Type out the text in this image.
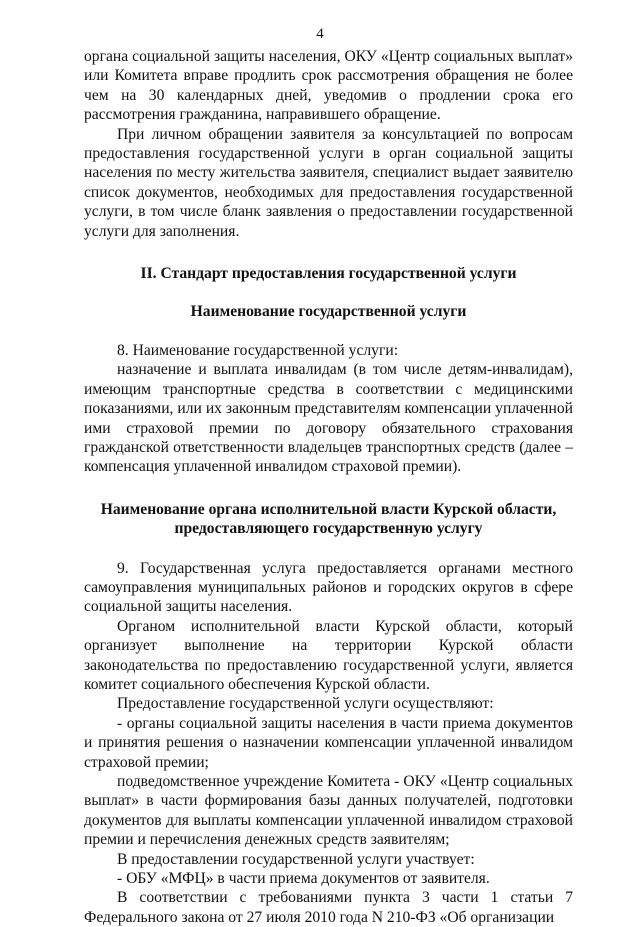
4

органа социальной защиты населения, ОКУ «Центр социальных выплат» или Комитета вправе продлить срок рассмотрения обращения не более чем на 30 календарных дней, уведомив о продлении срока его рассмотрения гражданина, направившего обращение.

При личном обращении заявителя за консультацией по вопросам предоставления государственной услуги в орган социальной защиты населения по месту жительства заявителя, специалист выдает заявителю список документов, необходимых для предоставления государственной услуги, в том числе бланк заявления о предоставлении государственной услуги для заполнения.

II. Стандарт предоставления государственной услуги

Наименование государственной услуги

8. Наименование государственной услуги:

назначение и выплата инвалидам (в том числе детям-инвалидам), имеющим транспортные средства в соответствии с медицинскими показаниями, или их законным представителям компенсации уплаченной ими страховой премии по договору обязательного страхования гражданской ответственности владельцев транспортных средств (далее – компенсация уплаченной инвалидом страховой премии).

Наименование органа исполнительной власти Курской области,
предоставляющего государственную услугу

9. Государственная услуга предоставляется органами местного самоуправления муниципальных районов и городских округов в сфере социальной защиты населения.

Органом исполнительной власти Курской области, который организует выполнение на территории Курской области законодательства по предоставлению государственной услуги, является комитет социального обеспечения Курской области.

Предоставление государственной услуги осуществляют:

- органы социальной защиты населения в части приема документов и принятия решения о назначении компенсации уплаченной инвалидом страховой премии;

подведомственное учреждение Комитета - ОКУ «Центр социальных выплат» в части формирования базы данных получателей, подготовки документов для выплаты компенсации уплаченной инвалидом страховой премии и перечисления денежных средств заявителям;

В предоставлении государственной услуги участвует:

- ОБУ «МФЦ» в части приема документов от заявителя.

В соответствии с требованиями пункта 3 части 1 статьи 7 Федерального закона от 27 июля 2010 года N 210-ФЗ «Об организации
